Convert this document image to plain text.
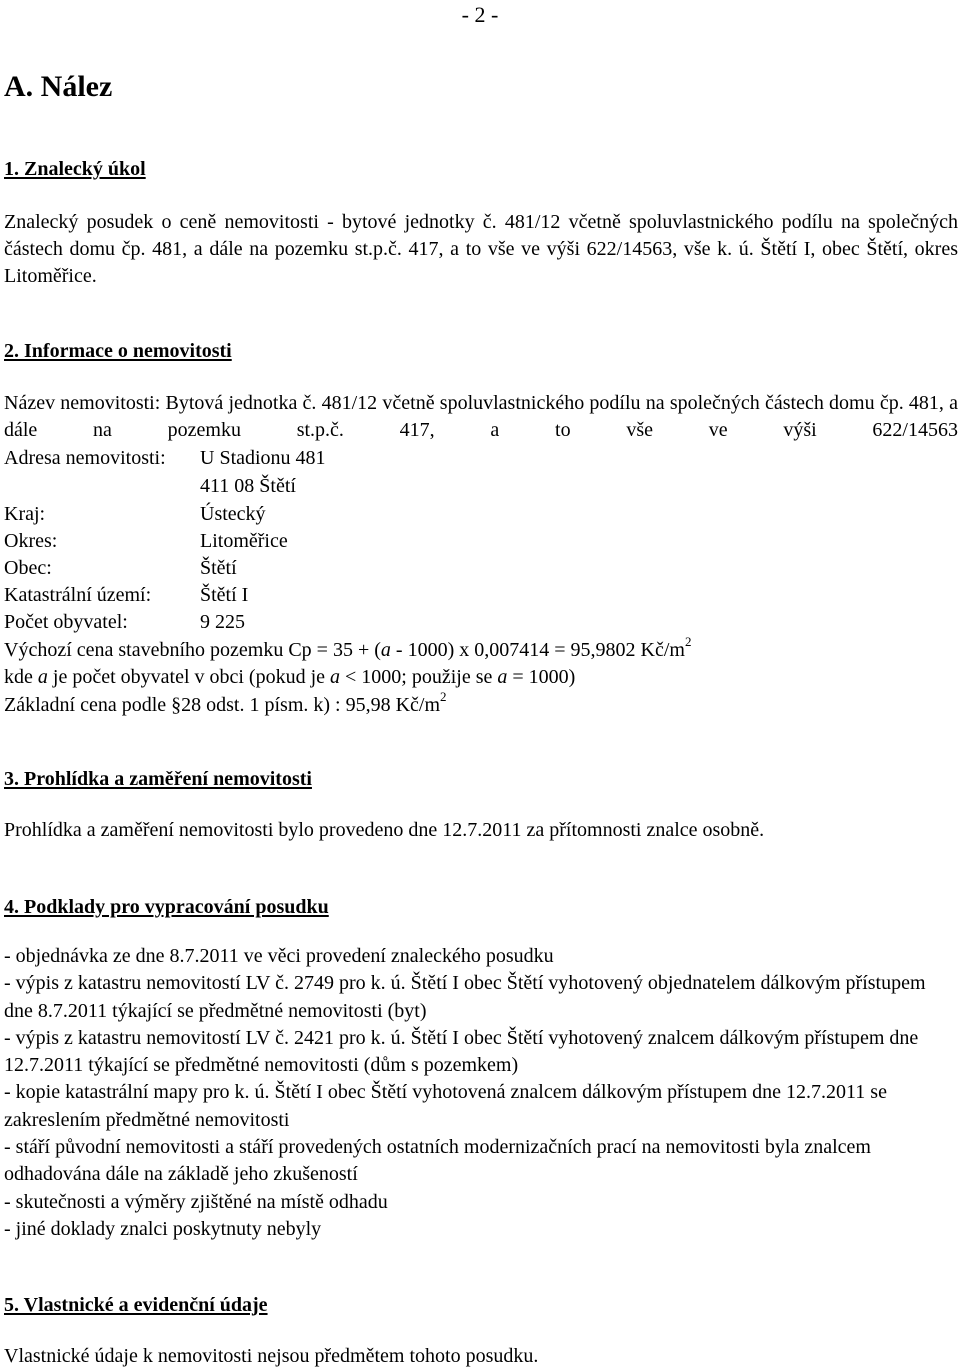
- 2 -
A. Nález
1. Znalecký úkol
Znalecký posudek o ceně nemovitosti - bytové jednotky č. 481/12 včetně spoluvlastnického podílu na společných částech domu čp. 481, a dále na pozemku st.p.č. 417, a to vše ve výši 622/14563, vše k. ú. Štětí I, obec Štětí, okres Litoměřice.
2. Informace o nemovitosti
Název nemovitosti: Bytová jednotka č. 481/12 včetně spoluvlastnického podílu na společných částech domu čp. 481, a dále na pozemku st.p.č. 417, a to vše ve výši 622/14563
Adresa nemovitosti: U Stadionu 481
411 08 Štětí
Kraj:	Ústecký
Okres:	Litoměřice
Obec:	Štětí
Katastrální území: Štětí I
Počet obyvatel:	9 225
Výchozí cena stavebního pozemku Cp = 35 + (a - 1000) x 0,007414 = 95,9802 $Kč/m^2$
kde a je počet obyvatel v obci (pokud je a < 1000; použije se a = 1000)
Základní cena podle §28 odst. 1 písm. k) : 95,98 $Kč/m^2$
3. Prohlídka a zaměření nemovitosti
Prohlídka a zaměření nemovitosti bylo provedeno dne 12.7.2011 za přítomnosti znalce osobně.
4. Podklady pro vypracování posudku
- objednávka ze dne 8.7.2011 ve věci provedení znaleckého posudku
- výpis z katastru nemovitostí LV č. 2749 pro k. ú. Štětí I obec Štětí vyhotovený objednatelem dálkovým přístupem dne 8.7.2011 týkající se předmětné nemovitosti (byt)
- výpis z katastru nemovitostí LV č. 2421 pro k. ú. Štětí I obec Štětí vyhotovený znalcem dálkovým přístupem dne 12.7.2011 týkající se předmětné nemovitosti (dům s pozemkem)
- kopie katastrální mapy pro k. ú. Štětí I obec Štětí vyhotovená znalcem dálkovým přístupem dne 12.7.2011 se zakreslením předmětné nemovitosti
- stáří původní nemovitosti a stáří provedených ostatních modernizačních prací na nemovitosti byla znalcem odhadována dále na základě jeho zkušeností
- skutečnosti a výměry zjištěné na místě odhadu
- jiné doklady znalci poskytnuty nebyly
5. Vlastnické a evidenční údaje
Vlastnické údaje k nemovitosti nejsou předmětem tohoto posudku.
